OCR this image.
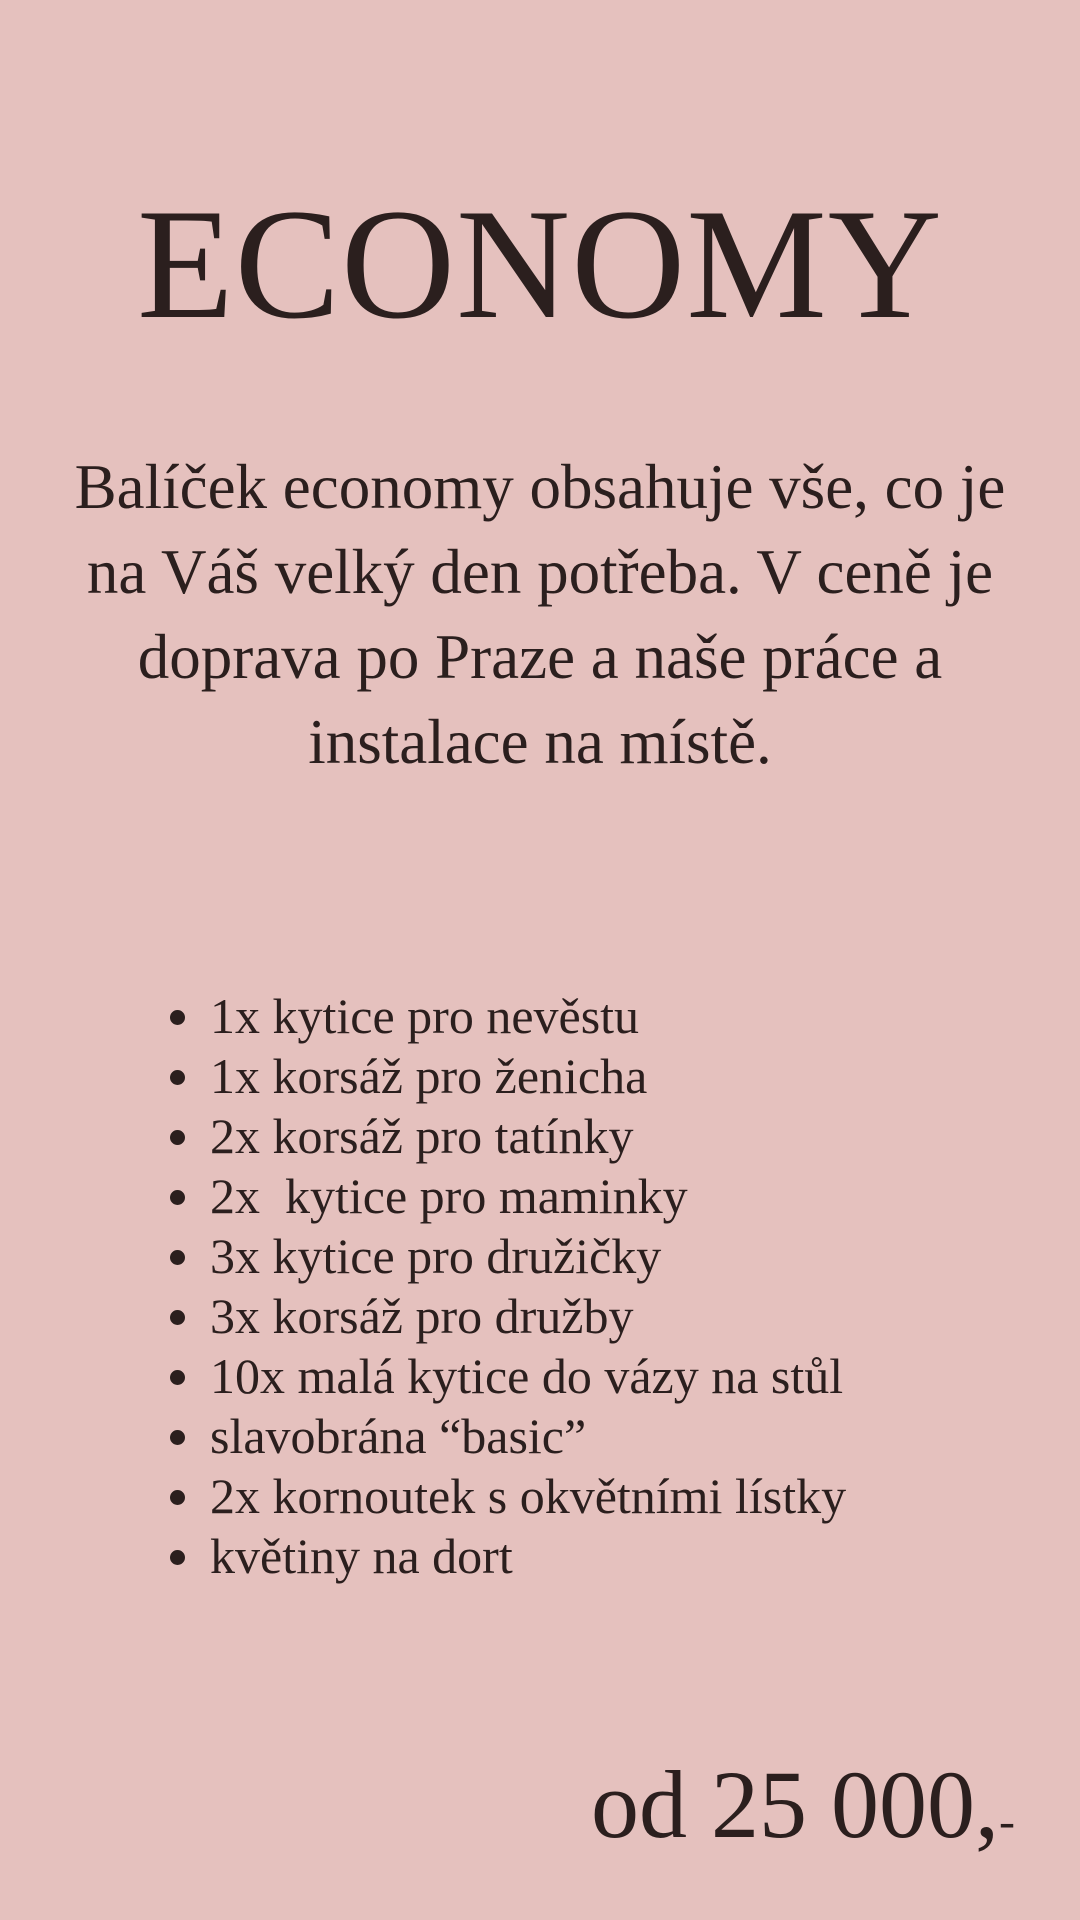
ECONOMY

Balíček economy obsahuje vše, co je na Váš velký den potřeba. V ceně je doprava po Praze a naše práce a instalace na místě.

1x kytice pro nevěstu
1x korsáž pro ženicha
2x korsáž pro tatínky
2x  kytice pro maminky
3x kytice pro družičky
3x korsáž pro družby
10x malá kytice do vázy na stůl
slavobrána “basic”
2x kornoutek s okvětními lístky
květiny na dort
od 25 000,-
